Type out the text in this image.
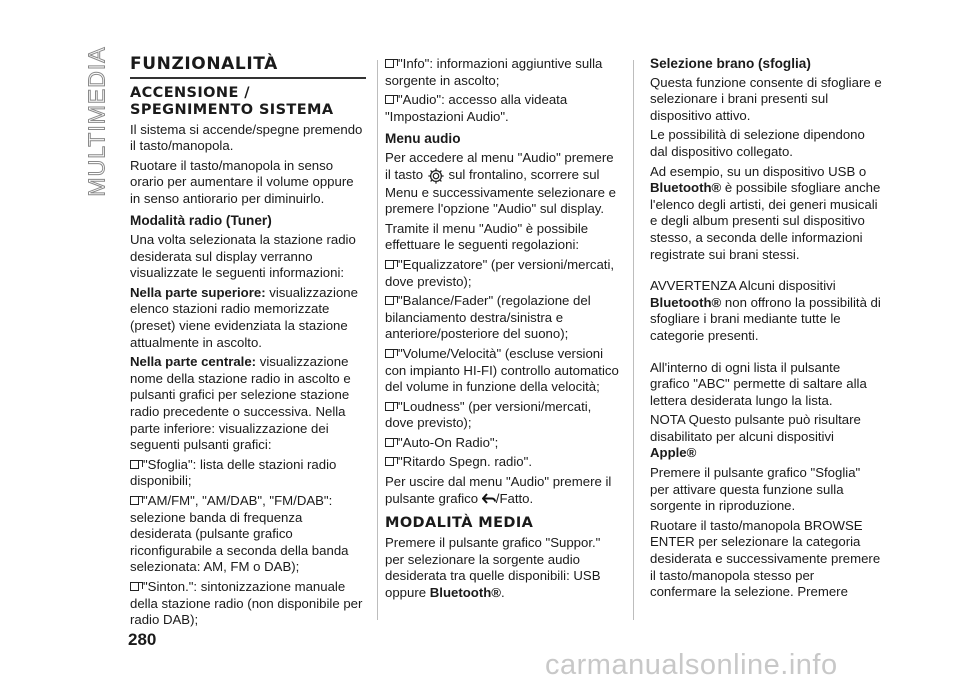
MULTIMEDIA FUNZIONALITÀ
ACCENSIONE /
SPEGNIMENTO SISTEMA

Il sistema si accende/spegne premendo il tasto/manopola.

Ruotare il tasto/manopola in senso orario per aumentare il volume oppure in senso antiorario per diminuirlo.

Modalità radio (Tuner)

Una volta selezionata la stazione radio desiderata sul display verranno visualizzate le seguenti informazioni:

Nella parte superiore: visualizzazione elenco stazioni radio memorizzate (preset) viene evidenziata la stazione attualmente in ascolto.

Nella parte centrale: visualizzazione nome della stazione radio in ascolto e pulsanti grafici per selezione stazione radio precedente o successiva. Nella parte inferiore: visualizzazione dei seguenti pulsanti grafici:

"Sfoglia": lista delle stazioni radio disponibili;

"AM/FM", "AM/DAB", "FM/DAB": selezione banda di frequenza desiderata (pulsante grafico riconfigurabile a seconda della banda selezionata: AM, FM o DAB);

"Sinton.": sintonizzazione manuale della stazione radio (non disponibile per radio DAB);

"Info": informazioni aggiuntive sulla sorgente in ascolto;

"Audio": accesso alla videata "Impostazioni Audio".

Menu audio

Per accedere al menu "Audio" premere il tasto sul frontalino, scorrere sul Menu e successivamente selezionare e premere l'opzione "Audio" sul display.

Tramite il menu "Audio" è possibile effettuare le seguenti regolazioni:

"Equalizzatore" (per versioni/mercati, dove previsto);

"Balance/Fader" (regolazione del bilanciamento destra/sinistra e anteriore/posteriore del suono);

"Volume/Velocità" (escluse versioni con impianto HI-FI) controllo automatico del volume in funzione della velocità;

"Loudness" (per versioni/mercati, dove previsto);

"Auto-On Radio";

"Ritardo Spegn. radio".

Per uscire dal menu "Audio" premere il pulsante grafico /Fatto.

MODALITÀ MEDIA

Premere il pulsante grafico "Suppor." per selezionare la sorgente audio desiderata tra quelle disponibili: USB oppure Bluetooth®.

Selezione brano (sfoglia)

Questa funzione consente di sfogliare e selezionare i brani presenti sul dispositivo attivo.

Le possibilità di selezione dipendono dal dispositivo collegato.

Ad esempio, su un dispositivo USB o
Bluetooth® è possibile sfogliare anche l'elenco degli artisti, dei generi musicali e degli album presenti sul dispositivo stesso, a seconda delle informazioni registrate sui brani stessi.

AVVERTENZA Alcuni dispositivi
Bluetooth® non offrono la possibilità di sfogliare i brani mediante tutte le categorie presenti.

All'interno di ogni lista il pulsante grafico "ABC" permette di saltare alla lettera desiderata lungo la lista.

NOTA Questo pulsante può risultare disabilitato per alcuni dispositivi
Apple®

Premere il pulsante grafico "Sfoglia" per attivare questa funzione sulla sorgente in riproduzione.

Ruotare il tasto/manopola BROWSE ENTER per selezionare la categoria desiderata e successivamente premere il tasto/manopola stesso per confermare la selezione. Premere

280
carmanualsonline.info
